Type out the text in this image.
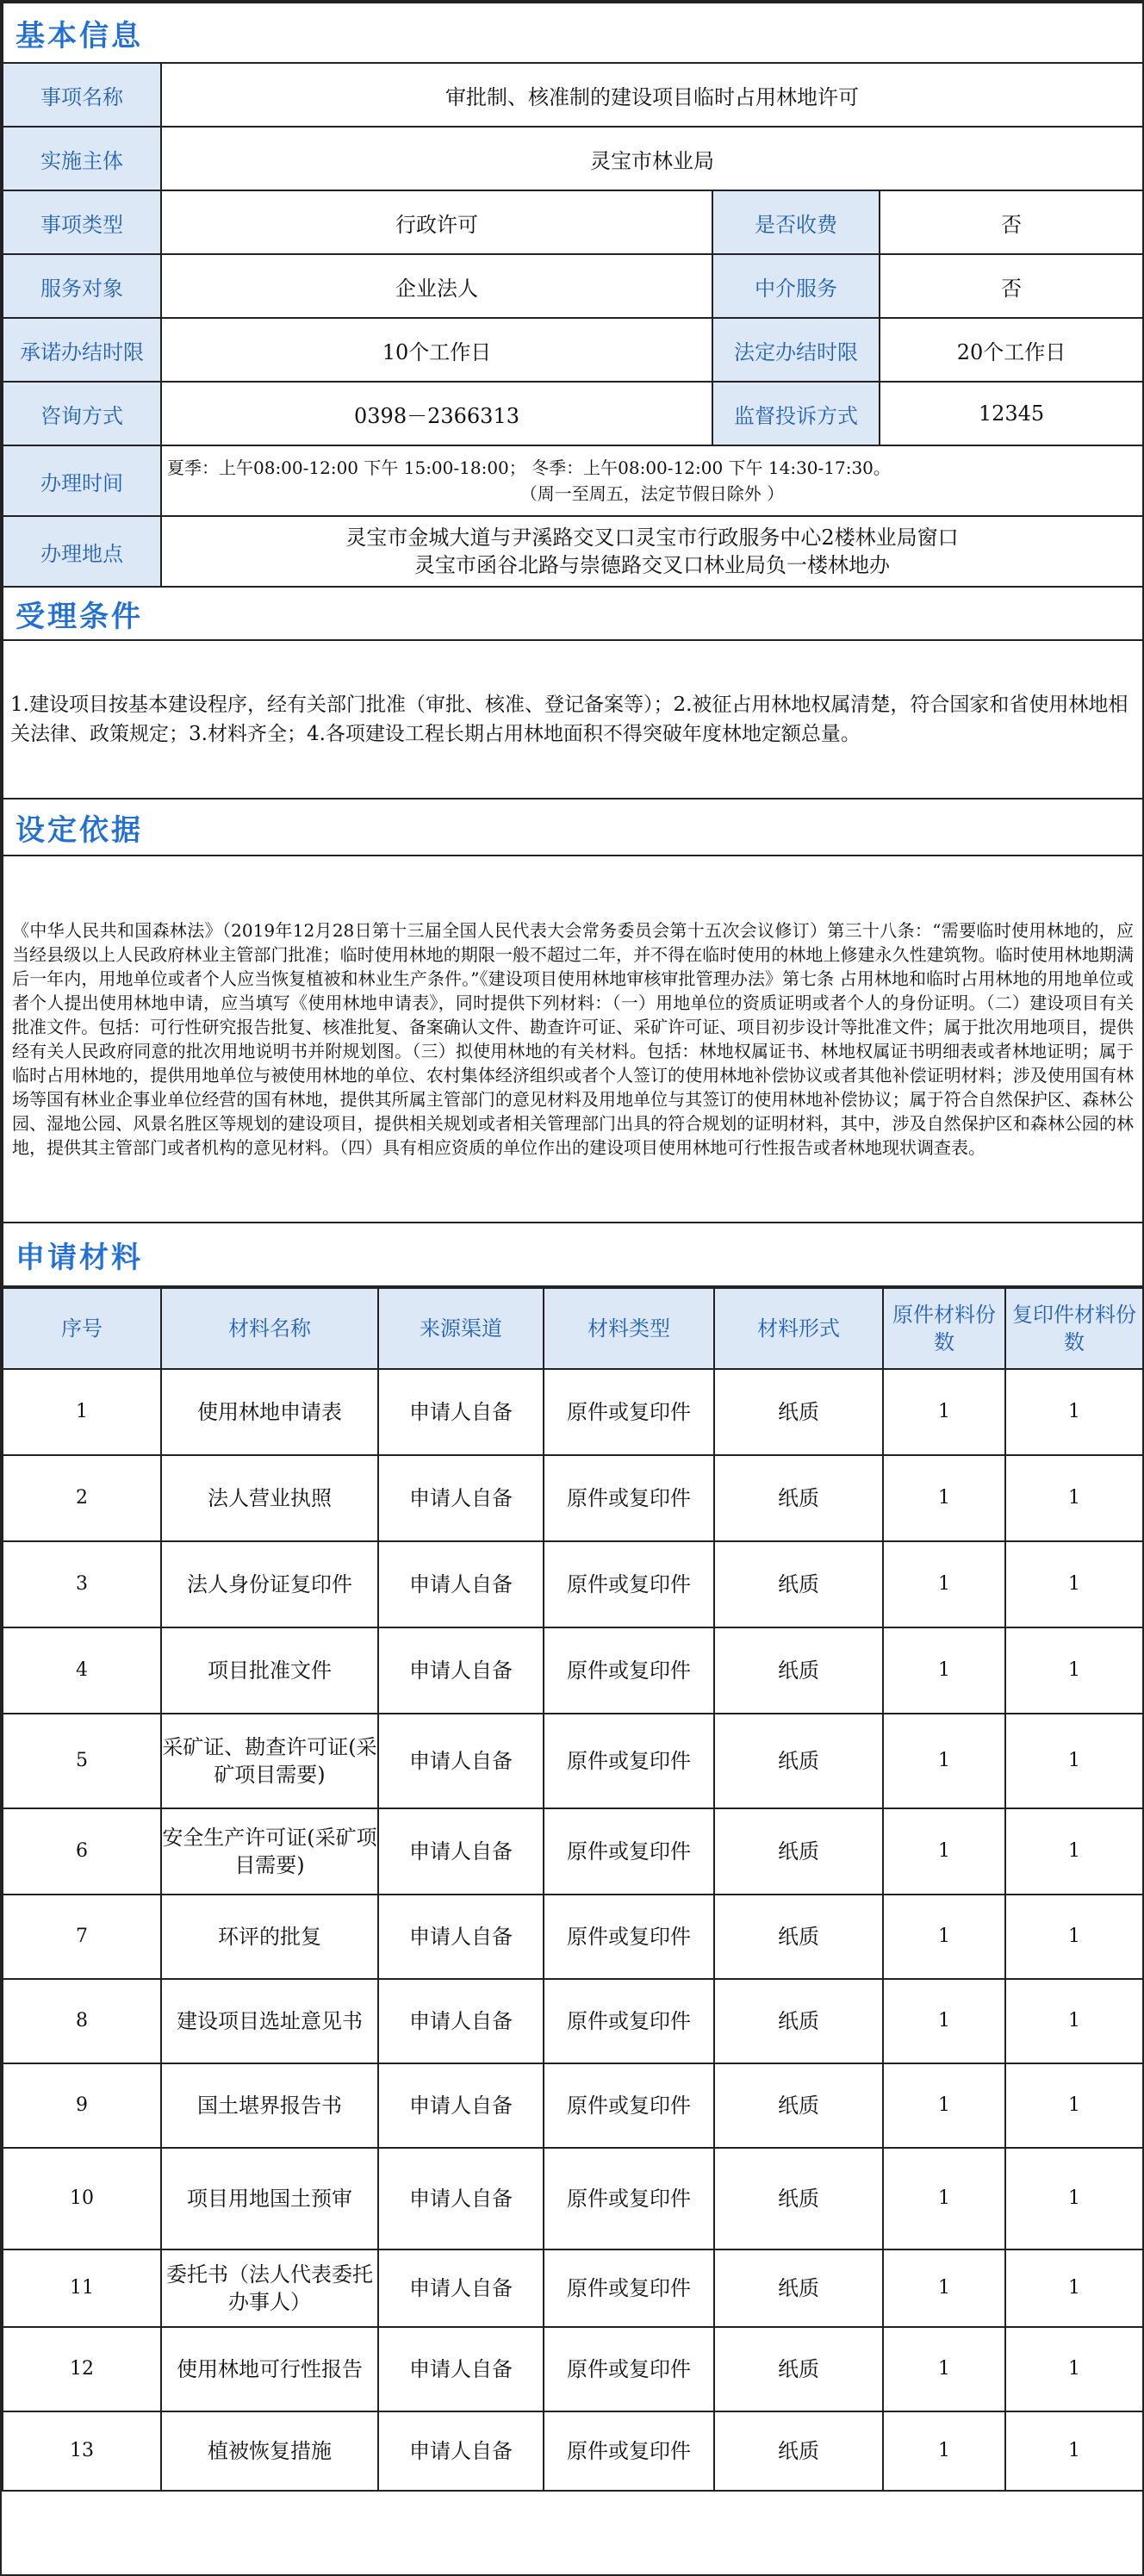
基本信息			
事项名称	审批制、核准制的建设项目临时占用林地许可		
实施主体	灵宝市林业局		
事项类型	行政许可	是否收费	否
服务对象	企业法人	中介服务	否
承诺办结时限	10个工作日	法定办结时限	20个工作日
咨询方式	0398－2366313	监督投诉方式	12345
办理时间	夏季：上午08:00-12:00 下午 15:00-18:00； 冬季：上午08:00-12:00 下午 14:30-17:30。
（周一至周五，法定节假日除外 ）		

办理地点	灵宝市金城大道与尹溪路交叉口灵宝市行政服务中心2楼林业局窗口
灵宝市函谷北路与崇德路交叉口林业局负一楼林地办		

受理条件			
1.建设项目按基本建设程序，经有关部门批准（审批、核准、登记备案等）；2.被征占用林地权属清楚，符合国家和省使用林地相关法律、政策规定；3.材料齐全；4.各项建设工程长期占用林地面积不得突破年度林地定额总量。			
设定依据			
《中华人民共和国森林法》（2019年12月28日第十三届全国人民代表大会常务委员会第十五次会议修订）第三十八条：“需要临时使用林地的，应当经县级以上人民政府林业主管部门批准；临时使用林地的期限一般不超过二年，并不得在临时使用的林地上修建永久性建筑物。临时使用林地期满后一年内，用地单位或者个人应当恢复植被和林业生产条件。”《建设项目使用林地审核审批管理办法》第七条 占用林地和临时占用林地的用地单位或者个人提出使用林地申请，应当填写《使用林地申请表》，同时提供下列材料：（一）用地单位的资质证明或者个人的身份证明。（二）建设项目有关批准文件。包括：可行性研究报告批复、核准批复、备案确认文件、勘查许可证、采矿许可证、项目初步设计等批准文件；属于批次用地项目，提供经有关人民政府同意的批次用地说明书并附规划图。（三）拟使用林地的有关材料。包括：林地权属证书、林地权属证书明细表或者林地证明；属于临时占用林地的，提供用地单位与被使用林地的单位、农村集体经济组织或者个人签订的使用林地补偿协议或者其他补偿证明材料；涉及使用国有林场等国有林业企事业单位经营的国有林地，提供其所属主管部门的意见材料及用地单位与其签订的使用林地补偿协议；属于符合自然保护区、森林公园、湿地公园、风景名胜区等规划的建设项目，提供相关规划或者相关管理部门出具的符合规划的证明材料，其中，涉及自然保护区和森林公园的林地，提供其主管部门或者机构的意见材料。（四）具有相应资质的单位作出的建设项目使用林地可行性报告或者林地现状调查表。			
申请材料			
序号	材料名称	来源渠道	材料类型	材料形式	原件材料份数	复印件材料份数
1	使用林地申请表	申请人自备	原件或复印件	纸质	1	1
2	法人营业执照	申请人自备	原件或复印件	纸质	1	1
3	法人身份证复印件	申请人自备	原件或复印件	纸质	1	1
4	项目批准文件	申请人自备	原件或复印件	纸质	1	1
5	采矿证、勘查许可证(采矿项目需要)	申请人自备	原件或复印件	纸质	1	1
6	安全生产许可证(采矿项目需要)	申请人自备	原件或复印件	纸质	1	1
7	环评的批复	申请人自备	原件或复印件	纸质	1	1
8	建设项目选址意见书	申请人自备	原件或复印件	纸质	1	1
9	国土堪界报告书	申请人自备	原件或复印件	纸质	1	1
10	项目用地国土预审	申请人自备	原件或复印件	纸质	1	1
11	委托书（法人代表委托办事人）	申请人自备	原件或复印件	纸质	1	1
12	使用林地可行性报告	申请人自备	原件或复印件	纸质	1	1
13	植被恢复措施	申请人自备	原件或复印件	纸质	1	1
